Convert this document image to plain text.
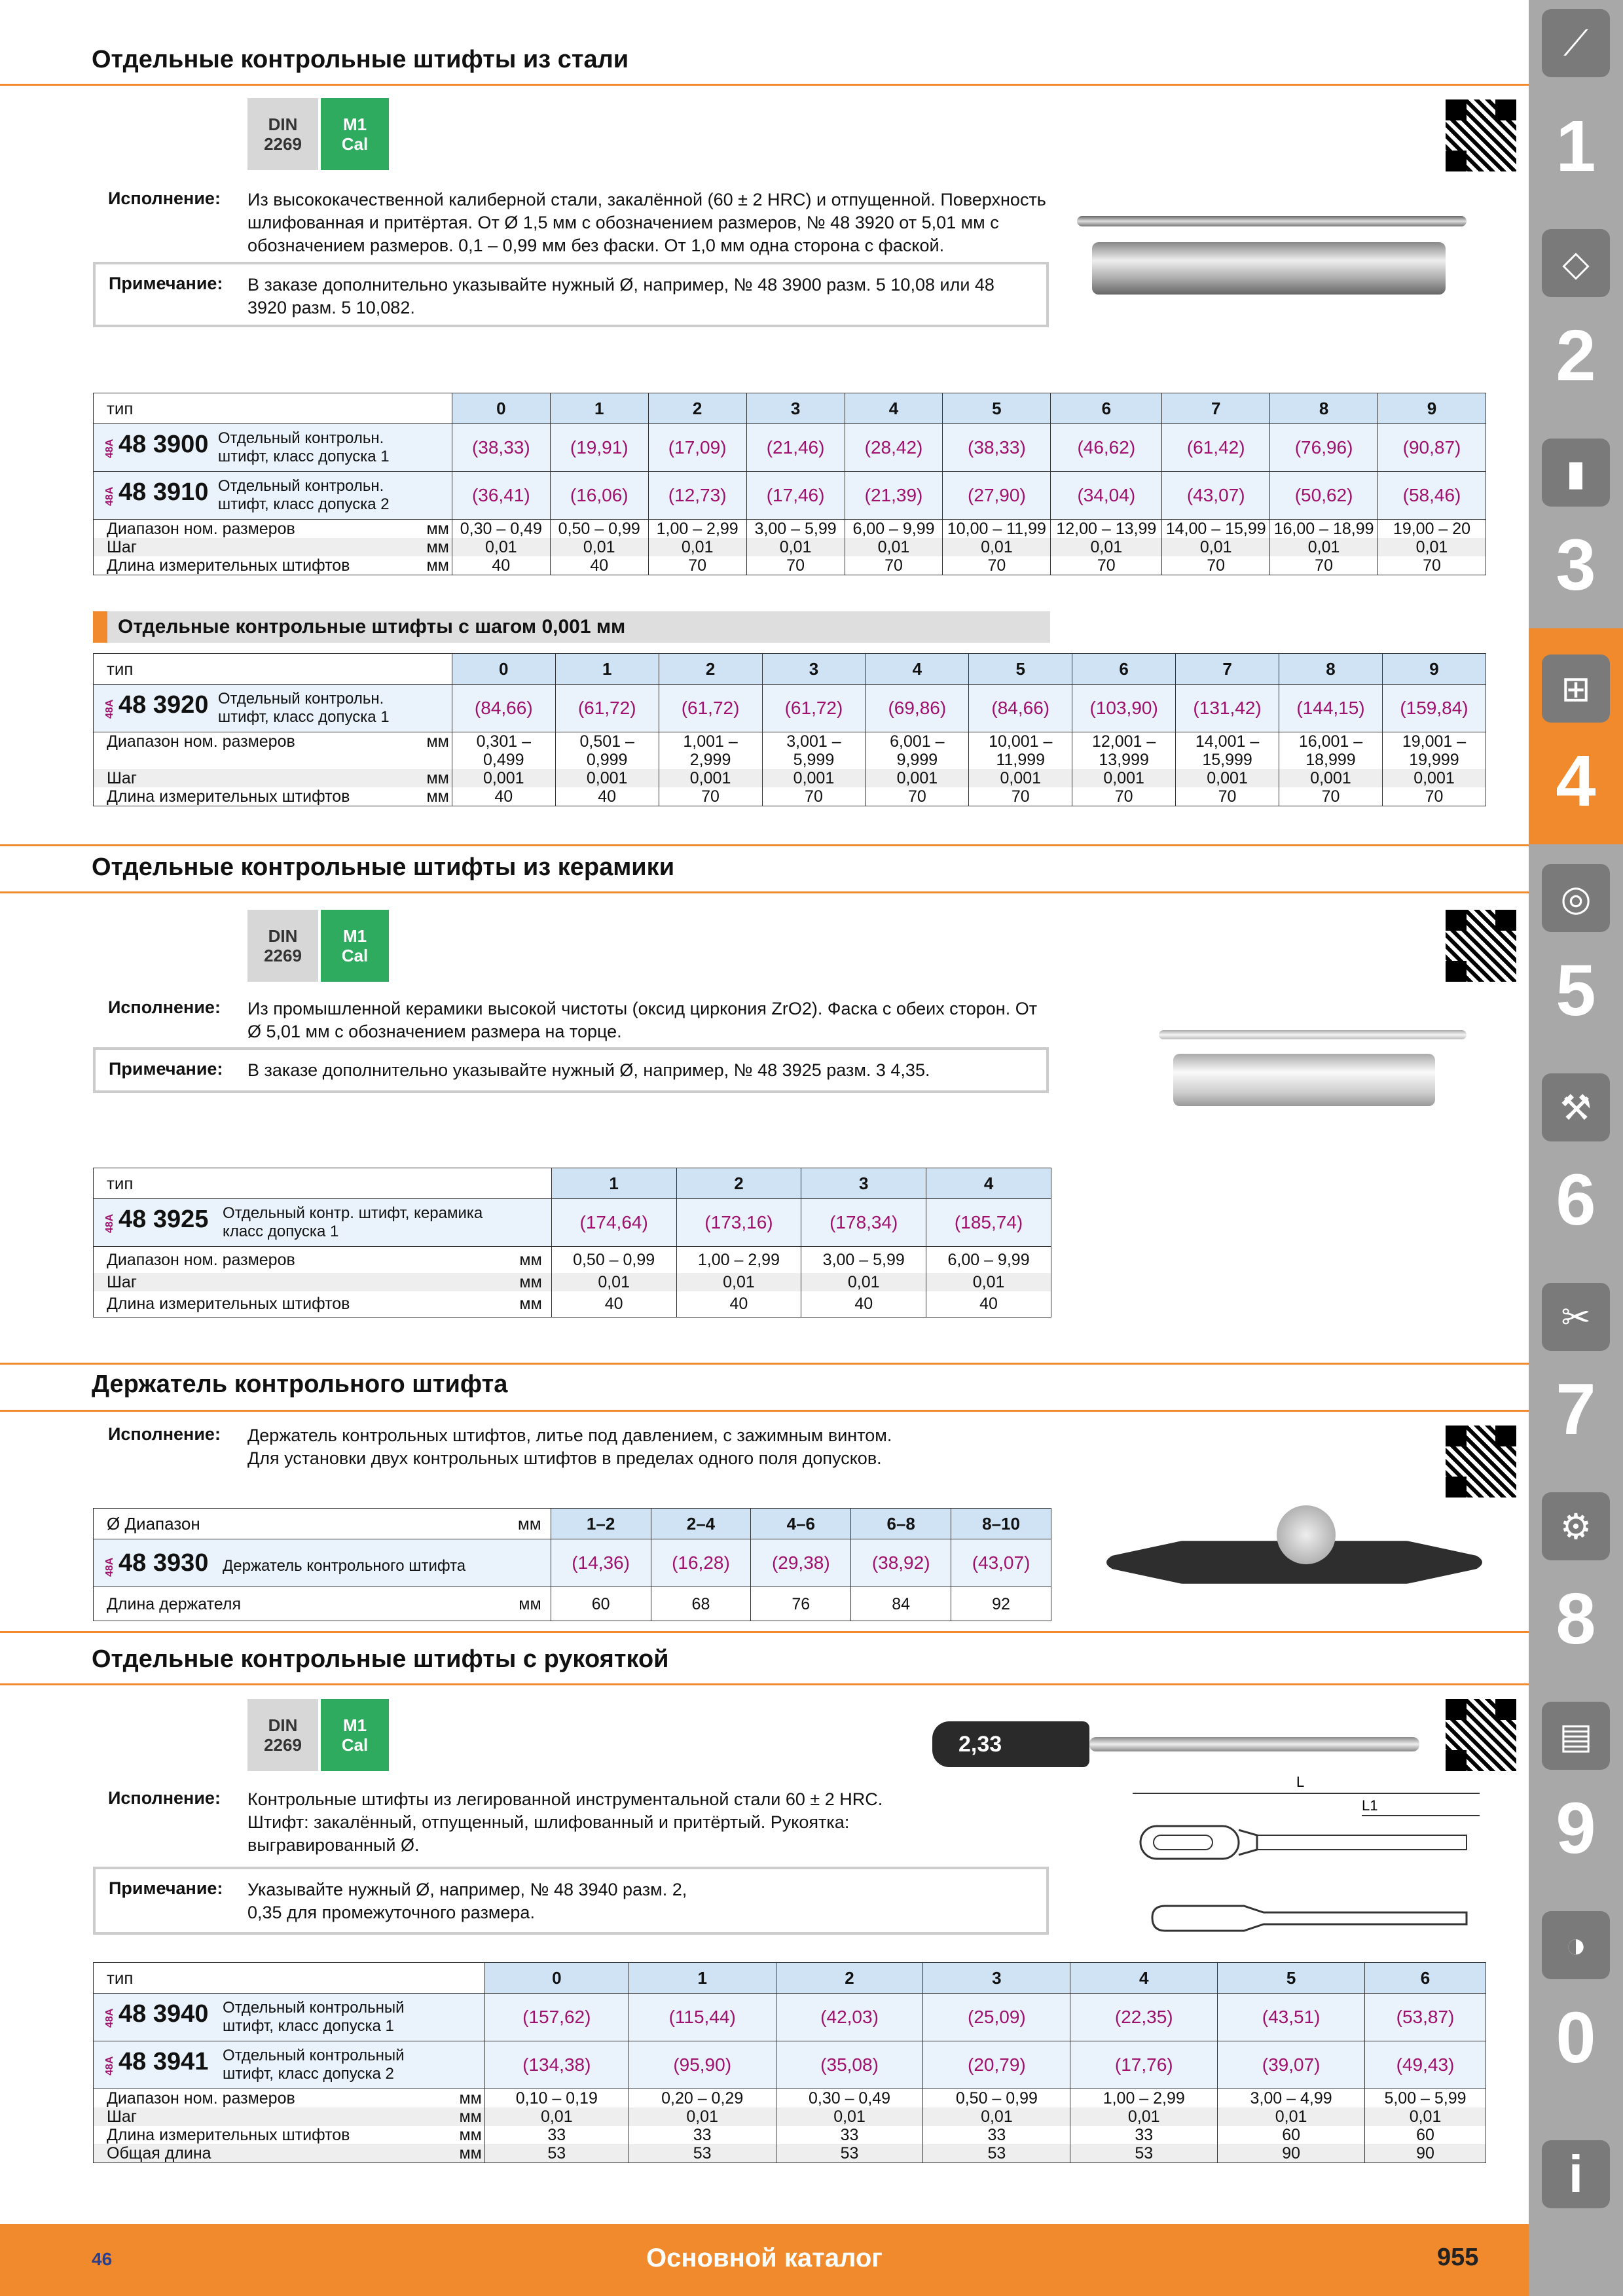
Отдельные контрольные штифты из стали
DIN
2269
M1
Cal
Исполнение: Из высококачественной калиберной стали, закалённой (60 ± 2 HRC) и отпущенной. Поверхность шлифованная и притёртая. От Ø 1,5 мм с обозначением размеров, № 48 3920 от 5,01 мм с обозначением размеров. 0,1 – 0,99 мм без фаски. От 1,0 мм одна сторона с фаской.
Примечание: В заказе дополнительно указывайте нужный Ø, например, № 48 3900 разм. 5 10,08 или 48 3920 разм. 5 10,082.
тип	0	1	2	3	4	5	6	7	8	9
48A 48 3900 Отдельный контрольн.
штифт, класс допуска 1	(38,33)	(19,91)	(17,09)	(21,46)	(28,42)	(38,33)	(46,62)	(61,42)	(76,96)	(90,87)
48A 48 3910 Отдельный контрольн.
штифт, класс допуска 2	(36,41)	(16,06)	(12,73)	(17,46)	(21,39)	(27,90)	(34,04)	(43,07)	(50,62)	(58,46)
Диапазон ном. размеров мм	0,30 – 0,49	0,50 – 0,99	1,00 – 2,99	3,00 – 5,99	6,00 – 9,99	10,00 – 11,99	12,00 – 13,99	14,00 – 15,99	16,00 – 18,99	19,00 – 20
Шаг мм	0,01	0,01	0,01	0,01	0,01	0,01	0,01	0,01	0,01	0,01
Длина измерительных штифтов мм	40	40	70	70	70	70	70	70	70	70
Отдельные контрольные штифты с шагом 0,001 мм
тип	0	1	2	3	4	5	6	7	8	9
48A 48 3920 Отдельный контрольн.
штифт, класс допуска 1	(84,66)	(61,72)	(61,72)	(61,72)	(69,86)	(84,66)	(103,90)	(131,42)	(144,15)	(159,84)
Диапазон ном. размеров мм	0,301 –	0,501 –	1,001 –	3,001 –	6,001 –	10,001 –	12,001 –	14,001 –	16,001 –	19,001 –
	0,499	0,999	2,999	5,999	9,999	11,999	13,999	15,999	18,999	19,999
Шаг мм	0,001	0,001	0,001	0,001	0,001	0,001	0,001	0,001	0,001	0,001
Длина измерительных штифтов мм	40	40	70	70	70	70	70	70	70	70
Отдельные контрольные штифты из керамики
DIN
2269
M1
Cal
Исполнение: Из промышленной керамики высокой чистоты (оксид циркония ZrO2). Фаска с обеих сторон. От Ø 5,01 мм с обозначением размера на торце.
Примечание: В заказе дополнительно указывайте нужный Ø, например, № 48 3925 разм. 3 4,35.
тип	1	2	3	4
48A 48 3925 Отдельный контр. штифт, керамика
класс допуска 1	(174,64)	(173,16)	(178,34)	(185,74)
Диапазон ном. размеров мм	0,50 – 0,99	1,00 – 2,99	3,00 – 5,99	6,00 – 9,99
Шаг мм	0,01	0,01	0,01	0,01
Длина измерительных штифтов мм	40	40	40	40
Держатель контрольного штифта
Исполнение: Держатель контрольных штифтов, литье под давлением, с зажимным винтом. Для установки двух контрольных штифтов в пределах одного поля допусков.
Ø Диапазон мм	1–2	2–4	4–6	6–8	8–10
48A 48 3930 Держатель контрольного штифта	(14,36)	(16,28)	(29,38)	(38,92)	(43,07)
Длина держателя мм	60	68	76	84	92
Отдельные контрольные штифты с рукояткой
DIN
2269
M1
Cal
Исполнение: Контрольные штифты из легированной инструментальной стали 60 ± 2 HRC. Штифт: закалённый, отпущенный, шлифованный и притёртый. Рукоятка: выгравированный Ø.
Примечание: Указывайте нужный Ø, например, № 48 3940 разм. 2, 0,35 для промежуточного размера.
2,33
L
L1
тип	0	1	2	3	4	5	6
48A 48 3940 Отдельный контрольный
штифт, класс допуска 1	(157,62)	(115,44)	(42,03)	(25,09)	(22,35)	(43,51)	(53,87)
48A 48 3941 Отдельный контрольный
штифт, класс допуска 2	(134,38)	(95,90)	(35,08)	(20,79)	(17,76)	(39,07)	(49,43)
Диапазон ном. размеров мм	0,10 – 0,19	0,20 – 0,29	0,30 – 0,49	0,50 – 0,99	1,00 – 2,99	3,00 – 4,99	5,00 – 5,99
Шаг мм	0,01	0,01	0,01	0,01	0,01	0,01	0,01
Длина измерительных штифтов мм	33	33	33	33	33	60	60
Общая длина мм	53	53	53	53	53	90	90
⟋
1
◇
2
▮
3
⊞
4
◎
5
⚒
6
✂
7
⚙
8
▤
9
◑
0
i
46	Основной каталог	955
